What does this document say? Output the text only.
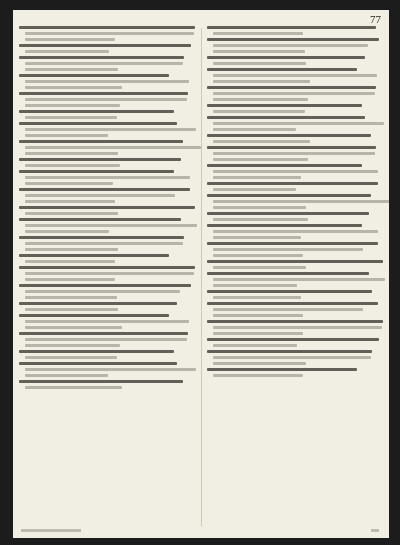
77
